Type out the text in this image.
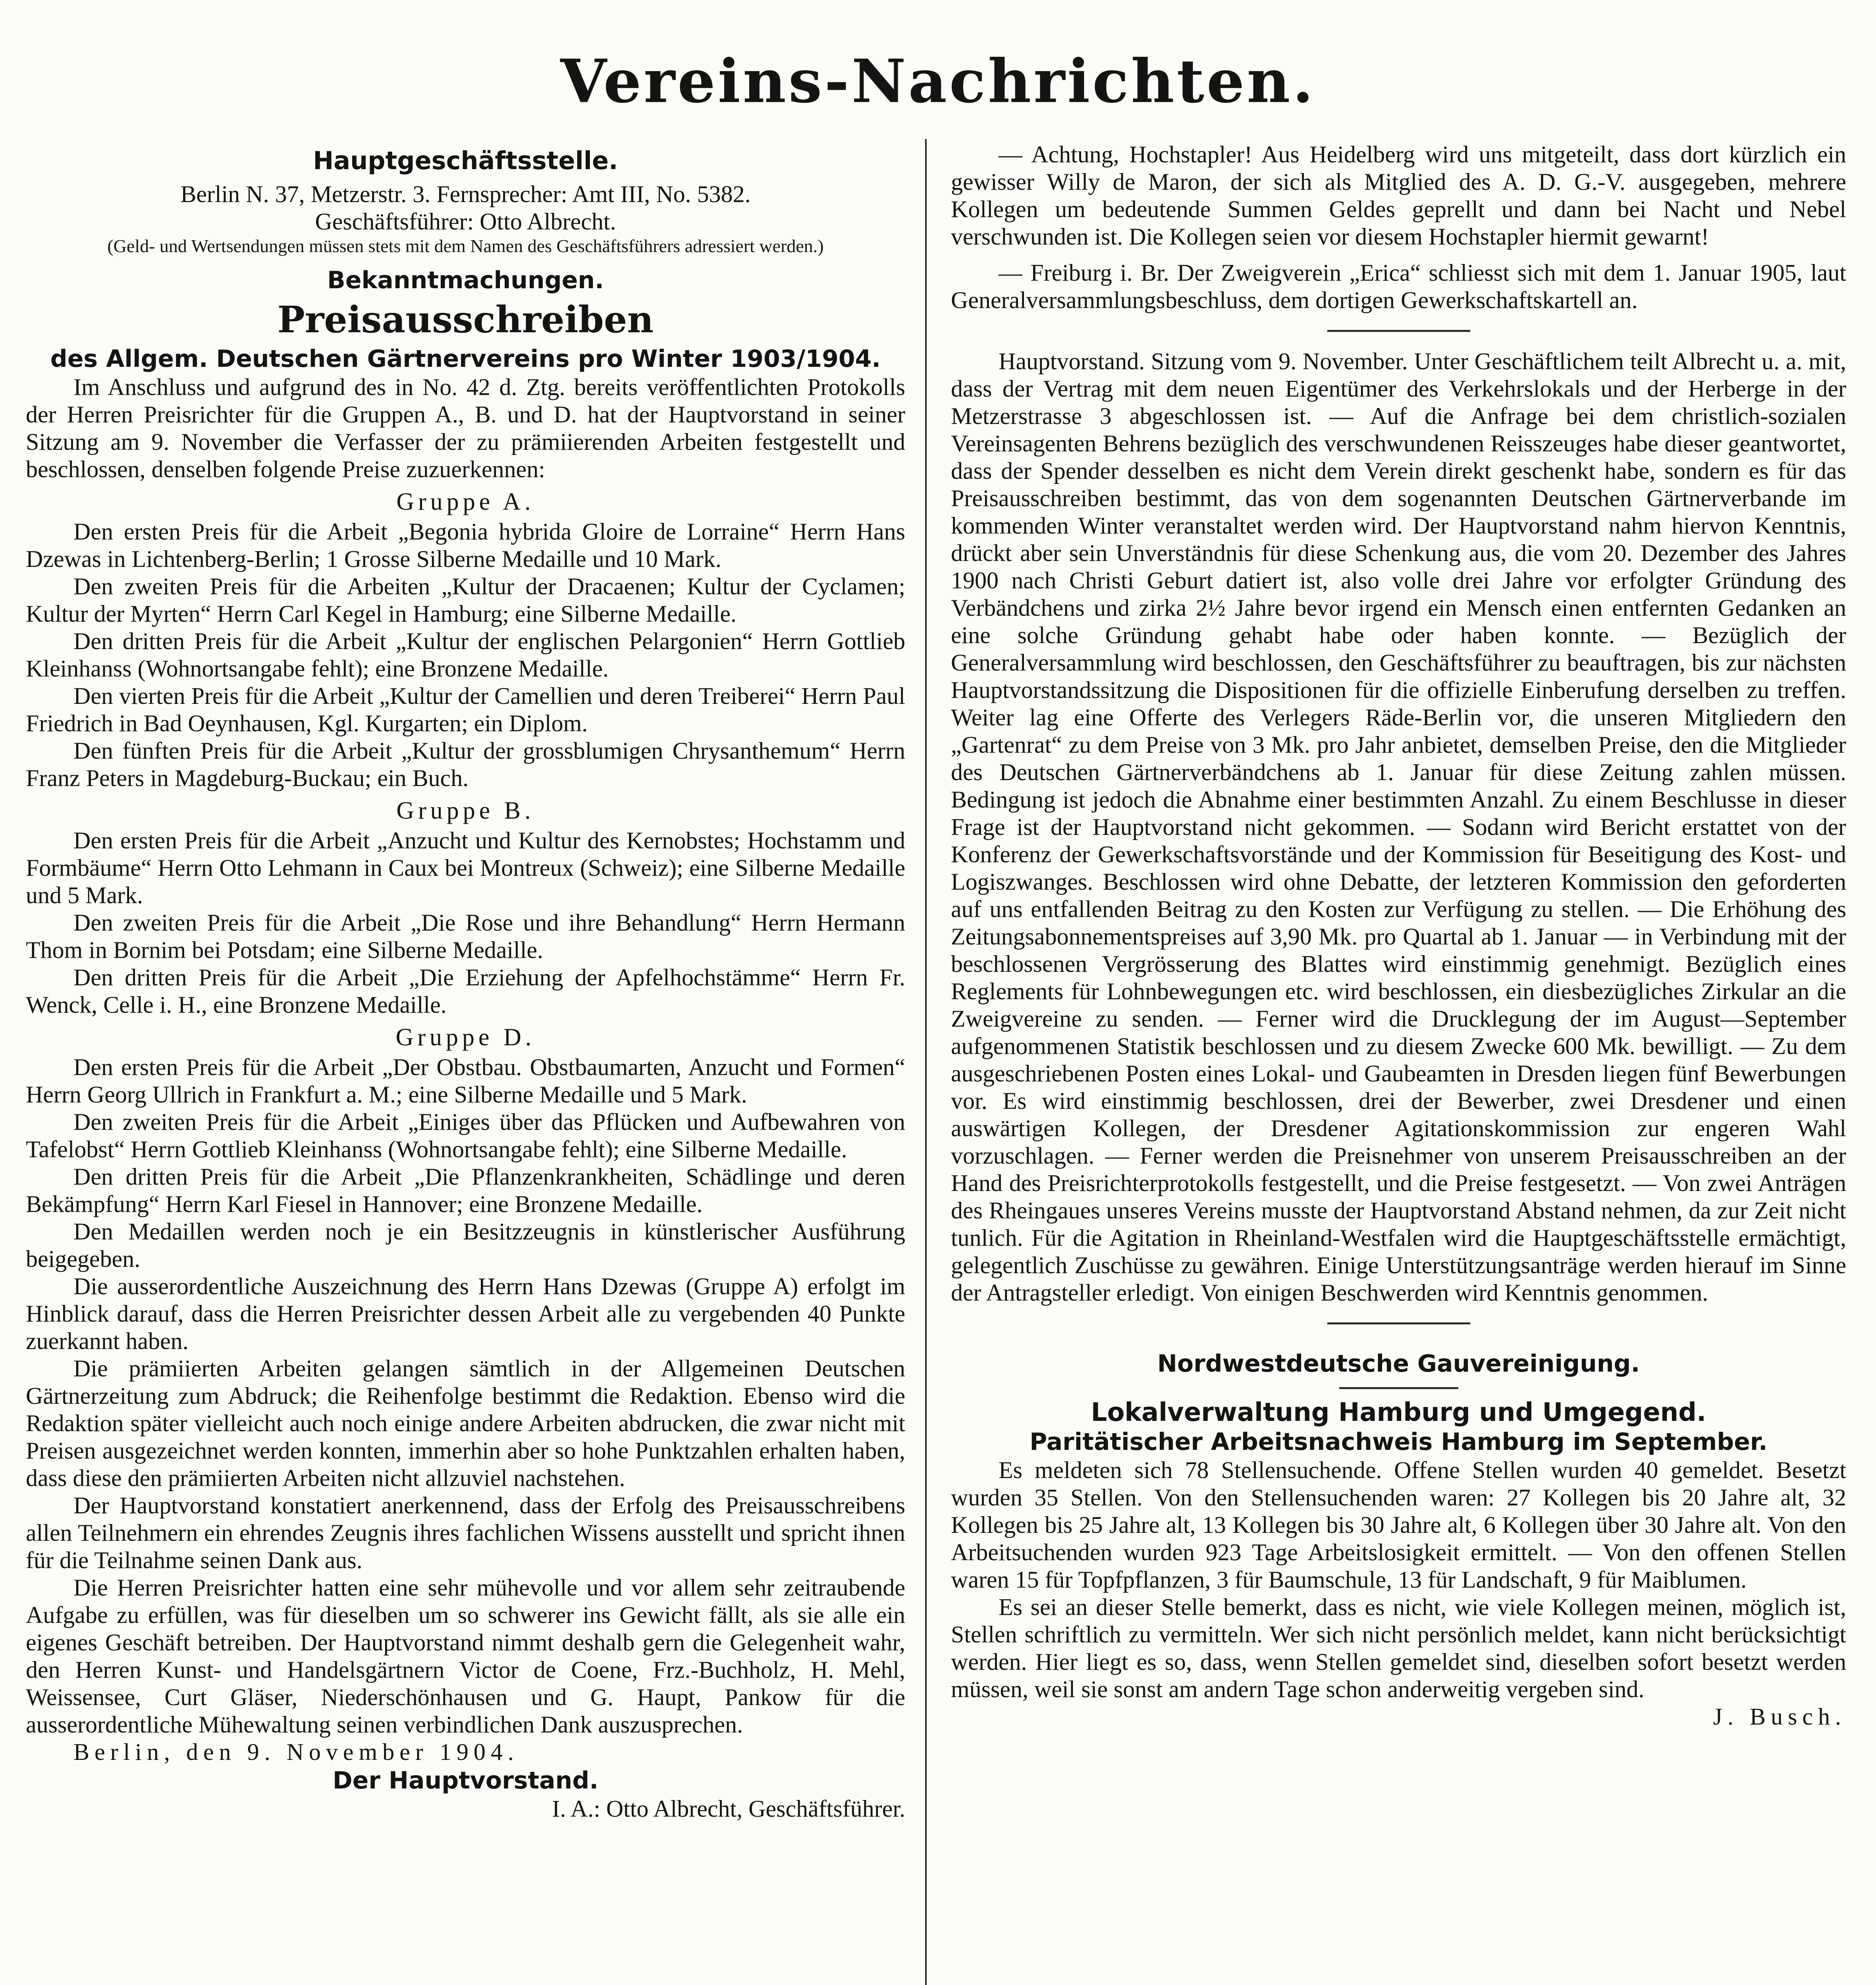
Vereins-Nachrichten.
Hauptgeschäftsstelle.

Berlin N. 37, Metzerstr. 3. Fernsprecher: Amt III, No. 5382.

Geschäftsführer: Otto Albrecht.

(Geld- und Wertsendungen müssen stets mit dem Namen des Geschäftsführers adressiert werden.)
Bekanntmachungen.
Preisausschreiben
des Allgem. Deutschen Gärtnervereins pro Winter 1903/1904.

Im Anschluss und aufgrund des in No. 42 d. Ztg. bereits veröffentlichten Protokolls der Herren Preisrichter für die Gruppen A., B. und D. hat der Hauptvorstand in seiner Sitzung am 9. November die Verfasser der zu prämiierenden Arbeiten festgestellt und beschlossen, denselben folgende Preise zuzuerkennen:

Gruppe A.

Den ersten Preis für die Arbeit „Begonia hybrida Gloire de Lorraine“ Herrn Hans Dzewas in Lichtenberg-Berlin; 1 Grosse Silberne Medaille und 10 Mark.

Den zweiten Preis für die Arbeiten „Kultur der Dracaenen; Kultur der Cyclamen; Kultur der Myrten“ Herrn Carl Kegel in Hamburg; eine Silberne Medaille.

Den dritten Preis für die Arbeit „Kultur der englischen Pelargonien“ Herrn Gottlieb Kleinhanss (Wohnortsangabe fehlt); eine Bronzene Medaille.

Den vierten Preis für die Arbeit „Kultur der Camellien und deren Treiberei“ Herrn Paul Friedrich in Bad Oeynhausen, Kgl. Kurgarten; ein Diplom.

Den fünften Preis für die Arbeit „Kultur der grossblumigen Chrysanthemum“ Herrn Franz Peters in Magdeburg-Buckau; ein Buch.

Gruppe B.

Den ersten Preis für die Arbeit „Anzucht und Kultur des Kernobstes; Hochstamm und Formbäume“ Herrn Otto Lehmann in Caux bei Montreux (Schweiz); eine Silberne Medaille und 5 Mark.

Den zweiten Preis für die Arbeit „Die Rose und ihre Behandlung“ Herrn Hermann Thom in Bornim bei Potsdam; eine Silberne Medaille.

Den dritten Preis für die Arbeit „Die Erziehung der Apfelhochstämme“ Herrn Fr. Wenck, Celle i. H., eine Bronzene Medaille.

Gruppe D.

Den ersten Preis für die Arbeit „Der Obstbau. Obstbaumarten, Anzucht und Formen“ Herrn Georg Ullrich in Frankfurt a. M.; eine Silberne Medaille und 5 Mark.

Den zweiten Preis für die Arbeit „Einiges über das Pflücken und Aufbewahren von Tafelobst“ Herrn Gottlieb Kleinhanss (Wohnortsangabe fehlt); eine Silberne Medaille.

Den dritten Preis für die Arbeit „Die Pflanzenkrankheiten, Schädlinge und deren Bekämpfung“ Herrn Karl Fiesel in Hannover; eine Bronzene Medaille.

Den Medaillen werden noch je ein Besitzzeugnis in künstlerischer Ausführung beigegeben.

Die ausserordentliche Auszeichnung des Herrn Hans Dzewas (Gruppe A) erfolgt im Hinblick darauf, dass die Herren Preisrichter dessen Arbeit alle zu vergebenden 40 Punkte zuerkannt haben.

Die prämiierten Arbeiten gelangen sämtlich in der Allgemeinen Deutschen Gärtnerzeitung zum Abdruck; die Reihenfolge bestimmt die Redaktion. Ebenso wird die Redaktion später vielleicht auch noch einige andere Arbeiten abdrucken, die zwar nicht mit Preisen ausgezeichnet werden konnten, immerhin aber so hohe Punktzahlen erhalten haben, dass diese den prämiierten Arbeiten nicht allzuviel nachstehen.

Der Hauptvorstand konstatiert anerkennend, dass der Erfolg des Preisausschreibens allen Teilnehmern ein ehrendes Zeugnis ihres fachlichen Wissens ausstellt und spricht ihnen für die Teilnahme seinen Dank aus.

Die Herren Preisrichter hatten eine sehr mühevolle und vor allem sehr zeitraubende Aufgabe zu erfüllen, was für dieselben um so schwerer ins Gewicht fällt, als sie alle ein eigenes Geschäft betreiben. Der Hauptvorstand nimmt deshalb gern die Gelegenheit wahr, den Herren Kunst- und Handelsgärtnern Victor de Coene, Frz.-Buchholz, H. Mehl, Weissensee, Curt Gläser, Niederschönhausen und G. Haupt, Pankow für die ausserordentliche Mühewaltung seinen verbindlichen Dank auszusprechen.

Berlin, den 9. November 1904.

Der Hauptvorstand.

I. A.: Otto Albrecht, Geschäftsführer.

— Achtung, Hochstapler! Aus Heidelberg wird uns mitgeteilt, dass dort kürzlich ein gewisser Willy de Maron, der sich als Mitglied des A. D. G.-V. ausgegeben, mehrere Kollegen um bedeutende Summen Geldes geprellt und dann bei Nacht und Nebel verschwunden ist. Die Kollegen seien vor diesem Hochstapler hiermit gewarnt!

— Freiburg i. Br. Der Zweigverein „Erica“ schliesst sich mit dem 1. Januar 1905, laut Generalversammlungsbeschluss, dem dortigen Gewerkschaftskartell an.

Hauptvorstand. Sitzung vom 9. November. Unter Geschäftlichem teilt Albrecht u. a. mit, dass der Vertrag mit dem neuen Eigentümer des Verkehrslokals und der Herberge in der Metzerstrasse 3 abgeschlossen ist. — Auf die Anfrage bei dem christlich-sozialen Vereinsagenten Behrens bezüglich des verschwundenen Reisszeuges habe dieser geantwortet, dass der Spender desselben es nicht dem Verein direkt geschenkt habe, sondern es für das Preisausschreiben bestimmt, das von dem sogenannten Deutschen Gärtnerverbande im kommenden Winter veranstaltet werden wird. Der Hauptvorstand nahm hiervon Kenntnis, drückt aber sein Unverständnis für diese Schenkung aus, die vom 20. Dezember des Jahres 1900 nach Christi Geburt datiert ist, also volle drei Jahre vor erfolgter Gründung des Verbändchens und zirka 2½ Jahre bevor irgend ein Mensch einen entfernten Gedanken an eine solche Gründung gehabt habe oder haben konnte. — Bezüglich der Generalversammlung wird beschlossen, den Geschäftsführer zu beauftragen, bis zur nächsten Hauptvorstandssitzung die Dispositionen für die offizielle Einberufung derselben zu treffen. Weiter lag eine Offerte des Verlegers Räde-Berlin vor, die unseren Mitgliedern den „Gartenrat“ zu dem Preise von 3 Mk. pro Jahr anbietet, demselben Preise, den die Mitglieder des Deutschen Gärtnerverbändchens ab 1. Januar für diese Zeitung zahlen müssen. Bedingung ist jedoch die Abnahme einer bestimmten Anzahl. Zu einem Beschlusse in dieser Frage ist der Hauptvorstand nicht gekommen. — Sodann wird Bericht erstattet von der Konferenz der Gewerkschaftsvorstände und der Kommission für Beseitigung des Kost- und Logiszwanges. Beschlossen wird ohne Debatte, der letzteren Kommission den geforderten auf uns entfallenden Beitrag zu den Kosten zur Verfügung zu stellen. — Die Erhöhung des Zeitungsabonnementspreises auf 3,90 Mk. pro Quartal ab 1. Januar — in Verbindung mit der beschlossenen Vergrösserung des Blattes wird einstimmig genehmigt. Bezüglich eines Reglements für Lohnbewegungen etc. wird beschlossen, ein diesbezügliches Zirkular an die Zweigvereine zu senden. — Ferner wird die Drucklegung der im August—September aufgenommenen Statistik beschlossen und zu diesem Zwecke 600 Mk. bewilligt. — Zu dem ausgeschriebenen Posten eines Lokal- und Gaubeamten in Dresden liegen fünf Bewerbungen vor. Es wird einstimmig beschlossen, drei der Bewerber, zwei Dresdener und einen auswärtigen Kollegen, der Dresdener Agitationskommission zur engeren Wahl vorzuschlagen. — Ferner werden die Preisnehmer von unserem Preisausschreiben an der Hand des Preisrichterprotokolls festgestellt, und die Preise festgesetzt. — Von zwei Anträgen des Rheingaues unseres Vereins musste der Hauptvorstand Abstand nehmen, da zur Zeit nicht tunlich. Für die Agitation in Rheinland-Westfalen wird die Hauptgeschäftsstelle ermächtigt, gelegentlich Zuschüsse zu gewähren. Einige Unterstützungsanträge werden hierauf im Sinne der Antragsteller erledigt. Von einigen Beschwerden wird Kenntnis genommen.

Nordwestdeutsche Gauvereinigung.
Lokalverwaltung Hamburg und Umgegend.
Paritätischer Arbeitsnachweis Hamburg im September.

Es meldeten sich 78 Stellensuchende. Offene Stellen wurden 40 gemeldet. Besetzt wurden 35 Stellen. Von den Stellensuchenden waren: 27 Kollegen bis 20 Jahre alt, 32 Kollegen bis 25 Jahre alt, 13 Kollegen bis 30 Jahre alt, 6 Kollegen über 30 Jahre alt. Von den Arbeitsuchenden wurden 923 Tage Arbeitslosigkeit ermittelt. — Von den offenen Stellen waren 15 für Topfpflanzen, 3 für Baumschule, 13 für Landschaft, 9 für Maiblumen.

Es sei an dieser Stelle bemerkt, dass es nicht, wie viele Kollegen meinen, möglich ist, Stellen schriftlich zu vermitteln. Wer sich nicht persönlich meldet, kann nicht berücksichtigt werden. Hier liegt es so, dass, wenn Stellen gemeldet sind, dieselben sofort besetzt werden müssen, weil sie sonst am andern Tage schon anderweitig vergeben sind.

J. Busch.
